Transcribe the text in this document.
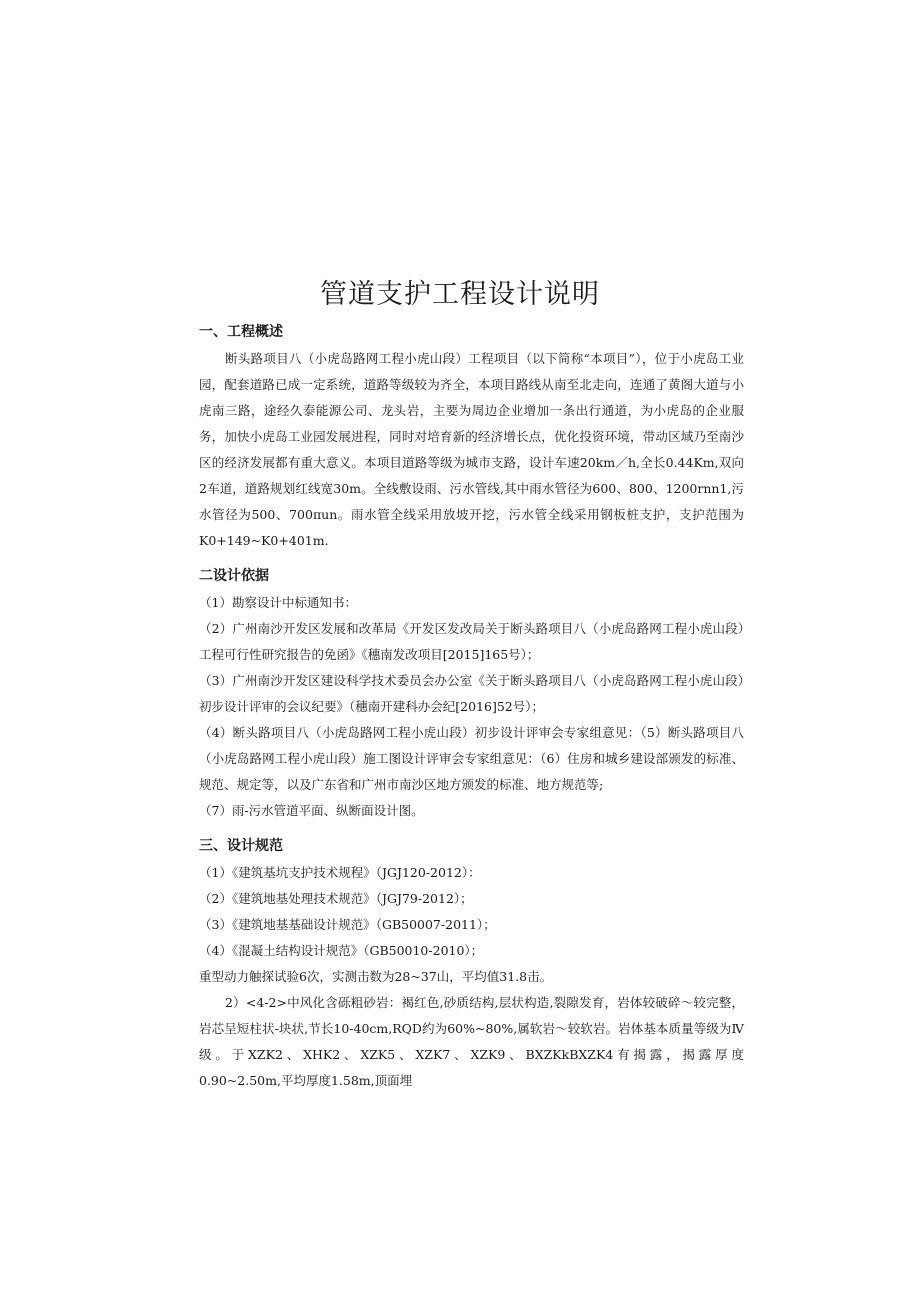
管道支护工程设计说明
一、工程概述

断头路项目八（小虎岛路网工程小虎山段）工程项目（以下简称“本项目”），位于小虎岛工业园，配套道路已成一定系统，道路等级较为齐全，本项目路线从南至北走向，连通了黄阁大道与小虎南三路，途经久泰能源公司、龙头岩，主要为周边企业增加一条出行通道，为小虎岛的企业服务，加快小虎岛工业园发展进程，同时对培育新的经济增长点，优化投资环境，带动区域乃至南沙区的经济发展都有重大意义。本项目道路等级为城市支路，设计车速20km／h,全长0.44Km,双向2车道，道路规划红线宽30m。全线敷设雨、污水管线,其中雨水管径为600、800、1200rnn1,污水管径为500、700πun。雨水管全线采用放坡开挖，污水管全线采用钢板桩支护，支护范围为K0+149~K0+401m.

二设计依据

（1）勘察设计中标通知书：

（2）广州南沙开发区发展和改革局《开发区发改局关于断头路项目八（小虎岛路网工程小虎山段）工程可行性研究报告的免函》《穗南发改项目[2015]165号）；

（3）广州南沙开发区建设科学技术委员会办公室《关于断头路项目八（小虎岛路网工程小虎山段）初步设计评审的会议纪要》（穗南开建科办会纪[2016]52号）；

（4）断头路项目八（小虎岛路网工程小虎山段）初步设计评审会专家组意见：（5）断头路项目八（小虎岛路网工程小虎山段）施工图设计评审会专家组意见：（6）住房和城乡建设部颁发的标准、规范、规定等，以及广东省和广州市南沙区地方颁发的标准、地方规范等;

（7）雨-污水管道平面、纵断面设计图。

三、设计规范

（1）《建筑基坑支护技术规程》（JGJ120-2012）：

（2）《建筑地基处理技术规范》（JGJ79-2012）；

（3）《建筑地基基础设计规范》（GB50007-2011）；

（4）《混凝土结构设计规范》（GB50010-2010）；

重型动力触探试验6次，实测击数为28~37山，平均值31.8击。

2）<4-2>中风化含砾粗砂岩：褐红色,砂质结构,层状构造,裂隙发育，岩体较破碎～较完整，岩芯呈短柱状-块状,节长10-40cm,RQD约为60%~80%,属软岩～较软岩。岩体基本质量等级为Ⅳ级。于XZK2、XHK2、XZK5、XZK7、XZK9、BXZKkBXZK4有揭露，揭露厚度0.90~2.50m,平均厚度1.58m,顶面埋
